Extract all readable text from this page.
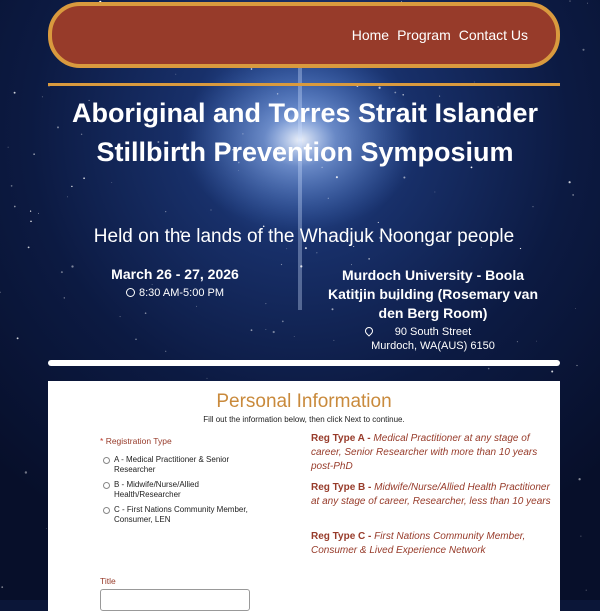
Home Program Contact Us
Aboriginal and Torres Strait Islander Stillbirth Prevention Symposium
Held on the lands of the Whadjuk Noongar people
March 26 - 27, 2026
8:30 AM-5:00 PM
Murdoch University - Boola Katitjin building (Rosemary van den Berg Room)
90 South Street
Murdoch, WA(AUS) 6150
Personal Information
Fill out the information below, then click Next to continue.
* Registration Type
A - Medical Practitioner & Senior Researcher
B - Midwife/Nurse/Allied Health/Researcher
C - First Nations Community Member, Consumer, LEN
Reg Type A - Medical Practitioner at any stage of career, Senior Researcher with more than 10 years post-PhD
Reg Type B - Midwife/Nurse/Allied Health Practitioner at any stage of career, Researcher, less than 10 years
Reg Type C - First Nations Community Member, Consumer & Lived Experience Network
Title
